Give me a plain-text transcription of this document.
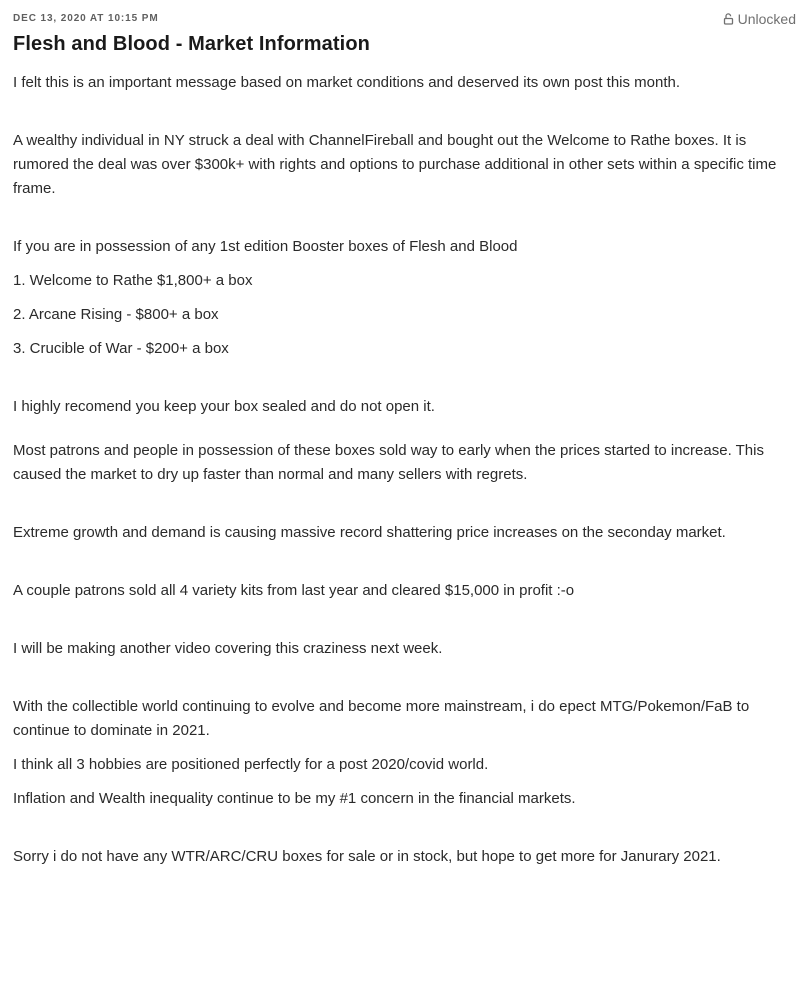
DEC 13, 2020 AT 10:15 PM	Unlocked
Flesh and Blood - Market Information

I felt this is an important message based on market conditions and deserved its own post this month.

A wealthy individual in NY struck a deal with ChannelFireball and bought out the Welcome to Rathe boxes. It is rumored the deal was over $300k+ with rights and options to purchase additional in other sets within a specific time frame.

If you are in possession of any 1st edition Booster boxes of Flesh and Blood

1. Welcome to Rathe $1,800+ a box

2. Arcane Rising - $800+ a box

3. Crucible of War - $200+ a box

I highly recomend you keep your box sealed and do not open it.

Most patrons and people in possession of these boxes sold way to early when the prices started to increase. This caused the market to dry up faster than normal and many sellers with regrets.

Extreme growth and demand is causing massive record shattering price increases on the seconday market.

A couple patrons sold all 4 variety kits from last year and cleared $15,000 in profit :-o

I will be making another video covering this craziness next week.

With the collectible world continuing to evolve and become more mainstream, i do epect MTG/Pokemon/FaB to continue to dominate in 2021.

I think all 3 hobbies are positioned perfectly for a post 2020/covid world.

Inflation and Wealth inequality continue to be my #1 concern in the financial markets.

Sorry i do not have any WTR/ARC/CRU boxes for sale or in stock, but hope to get more for Janurary 2021.
